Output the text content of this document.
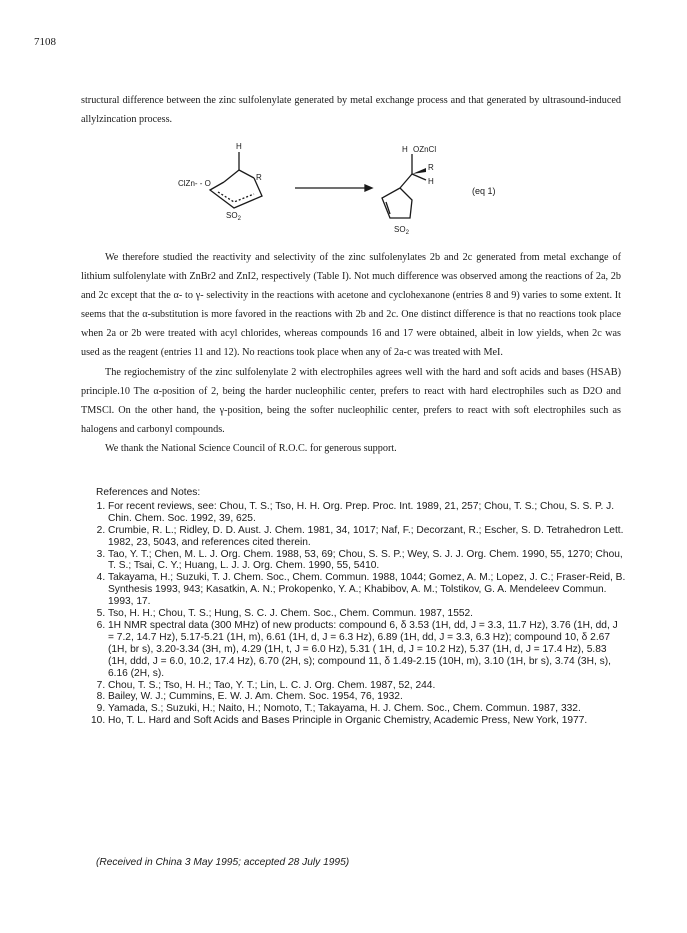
7108

structural difference between the zinc sulfolenylate generated by metal exchange process and that generated by ultrasound-induced allylzincation process.

H
ClZn- - O
R
$SO_2$
H OZnCl
R
H
$SO_2$
(eq 1)

We therefore studied the reactivity and selectivity of the zinc sulfolenylates 2b and 2c generated from metal exchange of lithium sulfolenylate with ZnBr2 and ZnI2, respectively (Table I). Not much difference was observed among the reactions of 2a, 2b and 2c except that the α- to γ- selectivity in the reactions with acetone and cyclohexanone (entries 8 and 9) varies to some extent. It seems that the α-substitution is more favored in the reactions with 2b and 2c. One distinct difference is that no reactions took place when 2a or 2b were treated with acyl chlorides, whereas compounds 16 and 17 were obtained, albeit in low yields, when 2c was used as the reagent (entries 11 and 12). No reactions took place when any of 2a-c was treated with MeI.

The regiochemistry of the zinc sulfolenylate 2 with electrophiles agrees well with the hard and soft acids and bases (HSAB) principle.10 The α-position of 2, being the harder nucleophilic center, prefers to react with hard electrophiles such as D2O and TMSCl. On the other hand, the γ-position, being the softer nucleophilic center, prefers to react with soft electrophiles such as halogens and carbonyl compounds.

We thank the National Science Council of R.O.C. for generous support.

References and Notes:

1. For recent reviews, see: Chou, T. S.; Tso, H. H. Org. Prep. Proc. Int. 1989, 21, 257; Chou, T. S.; Chou, S. S. P. J. Chin. Chem. Soc. 1992, 39, 625.
2. Crumbie, R. L.; Ridley, D. D. Aust. J. Chem. 1981, 34, 1017; Naf, F.; Decorzant, R.; Escher, S. D. Tetrahedron Lett. 1982, 23, 5043, and references cited therein.
3. Tao, Y. T.; Chen, M. L. J. Org. Chem. 1988, 53, 69; Chou, S. S. P.; Wey, S. J. J. Org. Chem. 1990, 55, 1270; Chou, T. S.; Tsai, C. Y.; Huang, L. J. J. Org. Chem. 1990, 55, 5410.
4. Takayama, H.; Suzuki, T. J. Chem. Soc., Chem. Commun. 1988, 1044; Gomez, A. M.; Lopez, J. C.; Fraser-Reid, B. Synthesis 1993, 943; Kasatkin, A. N.; Prokopenko, Y. A.; Khabibov, A. M.; Tolstikov, G. A. Mendeleev Commun. 1993, 17.
5. Tso, H. H.; Chou, T. S.; Hung, S. C. J. Chem. Soc., Chem. Commun. 1987, 1552.
6. 1H NMR spectral data (300 MHz) of new products: compound 6, δ 3.53 (1H, dd, J = 3.3, 11.7 Hz), 3.76 (1H, dd, J = 7.2, 14.7 Hz), 5.17-5.21 (1H, m), 6.61 (1H, d, J = 6.3 Hz), 6.89 (1H, dd, J = 3.3, 6.3 Hz); compound 10, δ 2.67 (1H, br s), 3.20-3.34 (3H, m), 4.29 (1H, t, J = 6.0 Hz), 5.31 ( 1H, d, J = 10.2 Hz), 5.37 (1H, d, J = 17.4 Hz), 5.83 (1H, ddd, J = 6.0, 10.2, 17.4 Hz), 6.70 (2H, s); compound 11, δ 1.49-2.15 (10H, m), 3.10 (1H, br s), 3.74 (3H, s), 6.16 (2H, s).
7. Chou, T. S.; Tso, H. H.; Tao, Y. T.; Lin, L. C. J. Org. Chem. 1987, 52, 244.
8. Bailey, W. J.; Cummins, E. W. J. Am. Chem. Soc. 1954, 76, 1932.
9. Yamada, S.; Suzuki, H.; Naito, H.; Nomoto, T.; Takayama, H. J. Chem. Soc., Chem. Commun. 1987, 332.
10. Ho, T. L. Hard and Soft Acids and Bases Principle in Organic Chemistry, Academic Press, New York, 1977.
(Received in China 3 May 1995; accepted 28 July 1995)
